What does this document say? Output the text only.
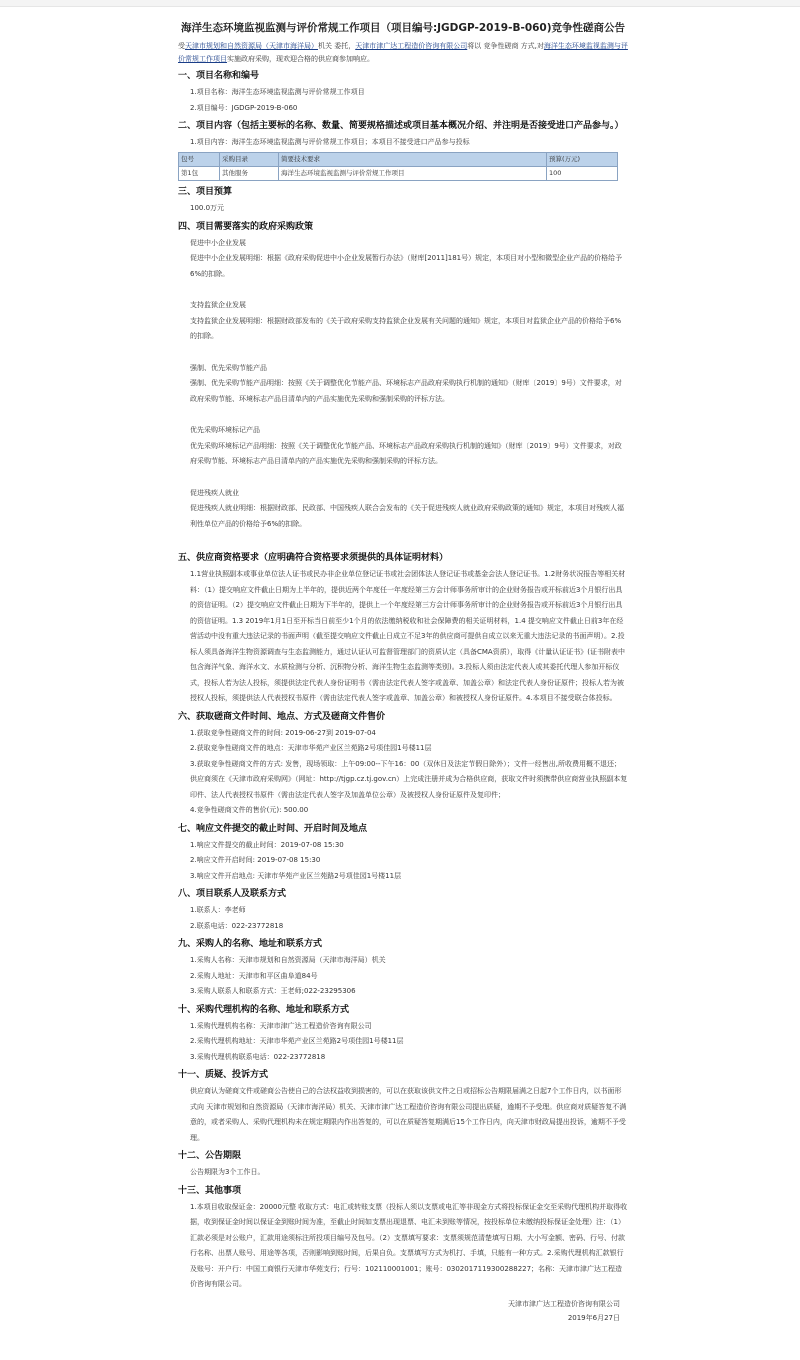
海洋生态环境监视监测与评价常规工作项目（项目编号:JGDGP-2019-B-060)竞争性磋商公告

受天津市规划和自然资源局（天津市海洋局）机关 委托，天津市津广达工程造价咨询有限公司将以 竞争性磋商 方式,对海洋生态环境监视监测与评价常规工作项目实施政府采购，现欢迎合格的供应商参加响应。

一、项目名称和编号

1.项目名称：海洋生态环境监视监测与评价常规工作项目

2.项目编号：JGDGP-2019-B-060

二、项目内容（包括主要标的名称、数量、简要规格描述或项目基本概况介绍、并注明是否接受进口产品参与。）

1.项目内容：海洋生态环境监视监测与评价常规工作项目；本项目不接受进口产品参与投标

包号	采购目录	简要技术要求	预算(万元)
第1包	其他服务	海洋生态环境监视监测与评价常规工作项目	100
三、项目预算

100.0万元

四、项目需要落实的政府采购政策

促进中小企业发展

促进中小企业发展明细：根据《政府采购促进中小企业发展暂行办法》（财库[2011]181号）规定，本项目对小型和微型企业产品的价格给予6%的扣除。

支持监狱企业发展

支持监狱企业发展明细：根据财政部发布的《关于政府采购支持监狱企业发展有关问题的通知》规定，本项目对监狱企业产品的价格给予6%的扣除。

强制、优先采购节能产品

强制、优先采购节能产品明细：按照《关于调整优化节能产品、环境标志产品政府采购执行机制的通知》（财库〔2019〕9号）文件要求，对政府采购节能、环境标志产品目清单内的产品实施优先采购和强制采购的评标方法。

优先采购环境标记产品

优先采购环境标记产品明细：按照《关于调整优化节能产品、环境标志产品政府采购执行机制的通知》（财库〔2019〕9号）文件要求，对政府采购节能、环境标志产品目清单内的产品实施优先采购和强制采购的评标方法。

促进残疾人就业

促进残疾人就业明细：根据财政部、民政部、中国残疾人联合会发布的《关于促进残疾人就业政府采购政策的通知》规定，本项目对残疾人福利性单位产品的价格给予6%的扣除。

五、供应商资格要求（应明确符合资格要求须提供的具体证明材料）

1.1营业执照副本或事业单位法人证书或民办非企业单位登记证书或社会团体法人登记证书或基金会法人登记证书。1.2财务状况报告等相关材料：（1）提交响应文件截止日期为上半年的，提供近两个年度任一年度经第三方会计师事务所审计的企业财务报告或开标前近3个月银行出具的资信证明。（2）提交响应文件截止日期为下半年的，提供上一个年度经第三方会计师事务所审计的企业财务报告或开标前近3个月银行出具的资信证明。1.3 2019年1月1日至开标当日前至少1个月的依法缴纳税收和社会保障费的相关证明材料，1.4 提交响应文件截止日前3年在经营活动中没有重大违法记录的书面声明（截至提交响应文件截止日成立不足3年的供应商可提供自成立以来无重大违法记录的书面声明）。2.投标人须具备海洋生物资源调查与生态监测能力，通过认证认可监督管理部门的资质认定（具备CMA资质），取得《计量认证证书》(证书附表中包含海洋气象、海洋水文、水质检测与分析、沉积物分析、海洋生物生态监测等类别)。3.投标人须由法定代表人或其委托代理人参加开标仪式，投标人若为法人投标，须提供法定代表人身份证明书（需由法定代表人签字或盖章、加盖公章）和法定代表人身份证原件；投标人若为被授权人投标，须提供法人代表授权书原件（需由法定代表人签字或盖章、加盖公章）和被授权人身份证原件。4.本项目不接受联合体投标。

六、获取磋商文件时间、地点、方式及磋商文件售价

1.获取竞争性磋商文件的时间: 2019-06-27到 2019-07-04

2.获取竞争性磋商文件的地点：天津市华苑产业区兰苑路2号项佳园1号楼11层

3.获取竞争性磋商文件的方式: 发售，现场领取：上午09:00--下午16：00（双休日及法定节假日除外）；文件一经售出,所收费用概不退还；供应商须在《天津市政府采购网》（网址：http://tjgp.cz.tj.gov.cn）上完成注册并成为合格供应商，获取文件时须携带供应商营业执照副本复印件、法人代表授权书原件（需由法定代表人签字及加盖单位公章）及被授权人身份证原件及复印件；

4.竞争性磋商文件的售价(元): 500.00

七、响应文件提交的截止时间、开启时间及地点

1.响应文件提交的截止时间：2019-07-08 15:30

2.响应文件开启时间: 2019-07-08 15:30

3.响应文件开启地点: 天津市华苑产业区兰苑路2号项佳园1号楼11层

八、项目联系人及联系方式

1.联系人：李老师

2.联系电话：022-23772818

九、采购人的名称、地址和联系方式

1.采购人名称：天津市规划和自然资源局（天津市海洋局）机关

2.采购人地址：天津市和平区曲阜道84号

3.采购人联系人和联系方式：王老师;022-23295306

十、采购代理机构的名称、地址和联系方式

1.采购代理机构名称：天津市津广达工程造价咨询有限公司

2.采购代理机构地址：天津市华苑产业区兰苑路2号项佳园1号楼11层

3.采购代理机构联系电话：022-23772818

十一、质疑、投诉方式

供应商认为磋商文件或磋商公告使自己的合法权益收到损害的，可以在获取该供文件之日或招标公告期限届满之日起7个工作日内，以书面形式向 天津市规划和自然资源局（天津市海洋局）机关、天津市津广达工程造价咨询有限公司提出质疑，逾期不予受理。供应商对质疑答复不满意的，或者采购人、采购代理机构未在规定期限内作出答复的，可以在质疑答复期满后15个工作日内，向天津市财政局提出投诉，逾期不予受理。

十二、公告期限

公告期限为3个工作日。

十三、其他事项

1.本项目收取保证金：20000元整 收取方式：电汇或转账支票（投标人须以支票或电汇等非现金方式将投标保证金交至采购代理机构并取得收据，收到保证金时间以保证金到账时间为准，至截止时间如支票出现退票、电汇未到账等情况，按投标单位未缴纳投标保证金处理）注：（1）汇款必须是对公账户，汇款用途须标注所投项目编号及包号。（2）支票填写要求：支票须规范清楚填写日期、大小写金额、密码、行号、付款行名称、出票人账号、用途等各项，否则影响到账时间，后果自负。支票填写方式为机打、手填，只能有一种方式。2.采购代理机构汇款银行及账号：开户行：中国工商银行天津市华苑支行；行号：102110001001；账号：0302017119300288227；名称：天津市津广达工程造价咨询有限公司。

天津市津广达工程造价咨询有限公司
2019年6月27日
